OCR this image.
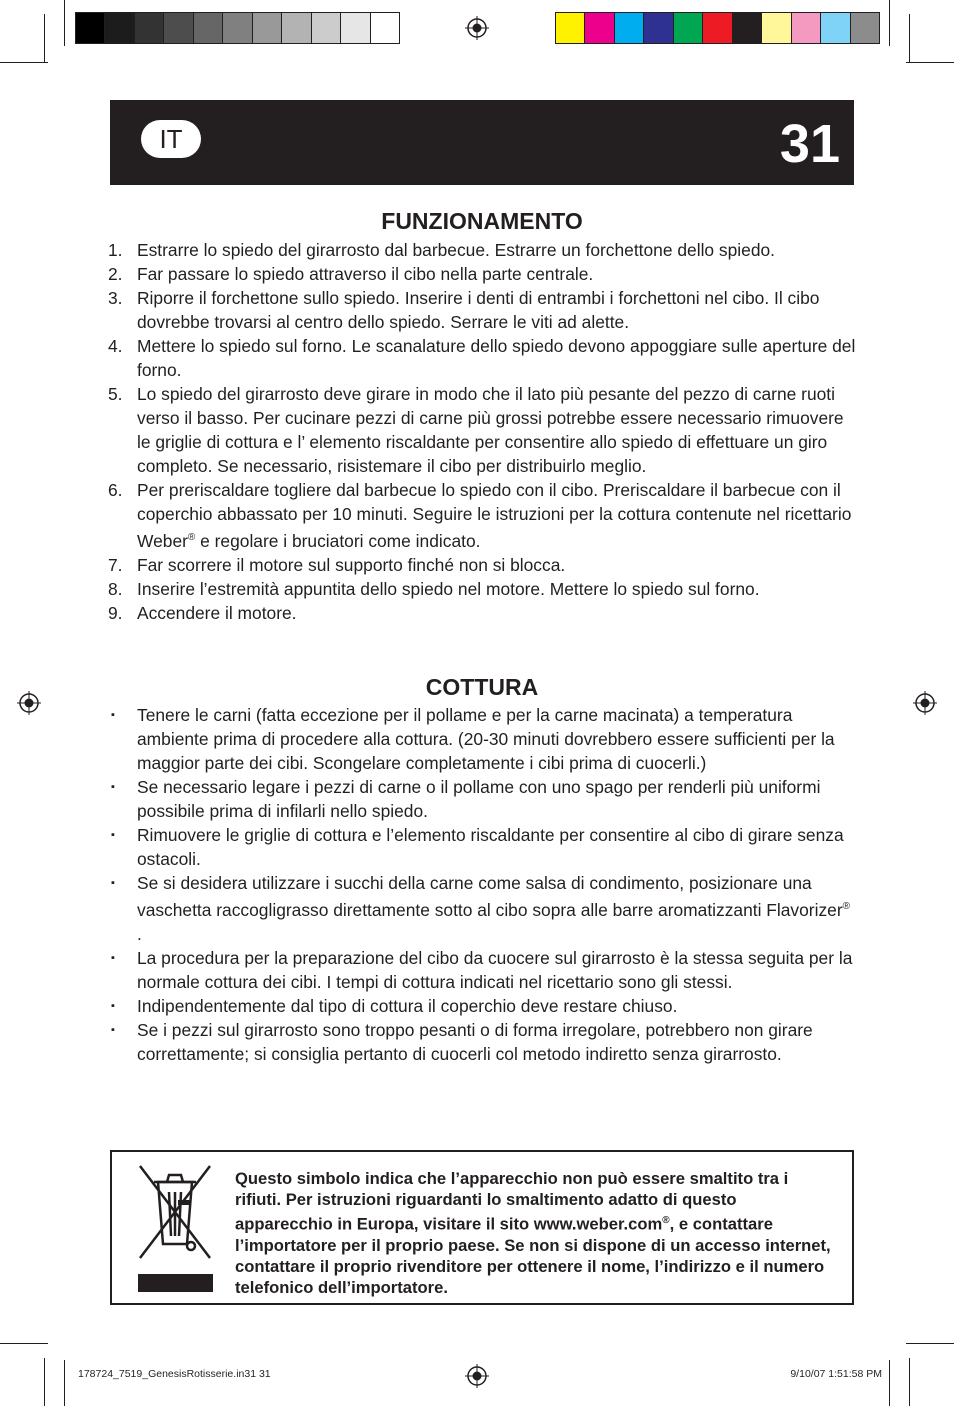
IT	31
FUNZIONAMENTO
1. Estrarre lo spiedo del girarrosto dal barbecue. Estrarre un forchettone dello spiedo.
2. Far passare lo spiedo attraverso il cibo nella parte centrale.
3. Riporre il forchettone sullo spiedo. Inserire i denti di entrambi i forchettoni nel cibo. Il cibo dovrebbe trovarsi al centro dello spiedo. Serrare le viti ad alette.
4. Mettere lo spiedo sul forno. Le scanalature dello spiedo devono appoggiare sulle aperture del forno.
5. Lo spiedo del girarrosto deve girare in modo che il lato più pesante del pezzo di carne ruoti verso il basso. Per cucinare pezzi di carne più grossi potrebbe essere necessario rimuovere le griglie di cottura e l’ elemento riscaldante per consentire allo spiedo di effettuare un giro completo. Se necessario, risistemare il cibo per distribuirlo meglio.
6. Per preriscaldare togliere dal barbecue lo spiedo con il cibo. Preriscaldare il barbecue con il coperchio abbassato per 10 minuti. Seguire le istruzioni per la cottura contenute nel ricettario Weber® e regolare i bruciatori come indicato.
7. Far scorrere il motore sul supporto finché non si blocca.
8. Inserire l’estremità appuntita dello spiedo nel motore. Mettere lo spiedo sul forno.
9. Accendere il motore.
COTTURA
▪ Tenere le carni (fatta eccezione per il pollame e per la carne macinata) a temperatura ambiente prima di procedere alla cottura. (20-30 minuti dovrebbero essere sufficienti per la maggior parte dei cibi. Scongelare completamente i cibi prima di cuocerli.)
▪ Se necessario legare i pezzi di carne o il pollame con uno spago per renderli più uniformi possibile prima di infilarli nello spiedo.
▪ Rimuovere le griglie di cottura e l’elemento riscaldante per consentire al cibo di girare senza ostacoli.
▪ Se si desidera utilizzare i succhi della carne come salsa di condimento, posizionare una vaschetta raccogligrasso direttamente sotto al cibo sopra alle barre aromatizzanti Flavorizer® .
▪ La procedura per la preparazione del cibo da cuocere sul girarrosto è la stessa seguita per la normale cottura dei cibi. I tempi di cottura indicati nel ricettario sono gli stessi.
▪ Indipendentemente dal tipo di cottura il coperchio deve restare chiuso.
▪ Se i pezzi sul girarrosto sono troppo pesanti o di forma irregolare, potrebbero non girare correttamente; si consiglia pertanto di cuocerli col metodo indiretto senza girarrosto.
Questo simbolo indica che l’apparecchio non può essere smaltito tra i rifiuti. Per istruzioni riguardanti lo smaltimento adatto di questo apparecchio in Europa, visitare il sito www.weber.com®, e contattare l’importatore per il proprio paese. Se non si dispone di un accesso internet, contattare il proprio rivenditore per ottenere il nome, l’indirizzo e il numero telefonico dell’importatore.
178724_7519_GenesisRotisserie.in31 31	9/10/07 1:51:58 PM
